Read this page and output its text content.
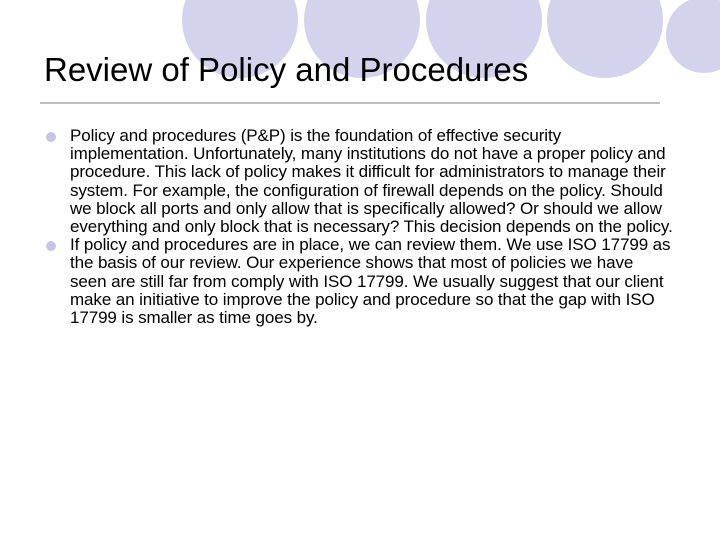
Review of Policy and Procedures
Policy and procedures (P&P) is the foundation of effective security implementation. Unfortunately, many institutions do not have a proper policy and procedure. This lack of policy makes it difficult for administrators to manage their system. For example, the configuration of firewall depends on the policy. Should we block all ports and only allow that is specifically allowed? Or should we allow everything and only block that is necessary? This decision depends on the policy.
If policy and procedures are in place, we can review them. We use ISO 17799 as the basis of our review. Our experience shows that most of policies we have seen are still far from comply with ISO 17799. We usually suggest that our client make an initiative to improve the policy and procedure so that the gap with ISO 17799 is smaller as time goes by.
